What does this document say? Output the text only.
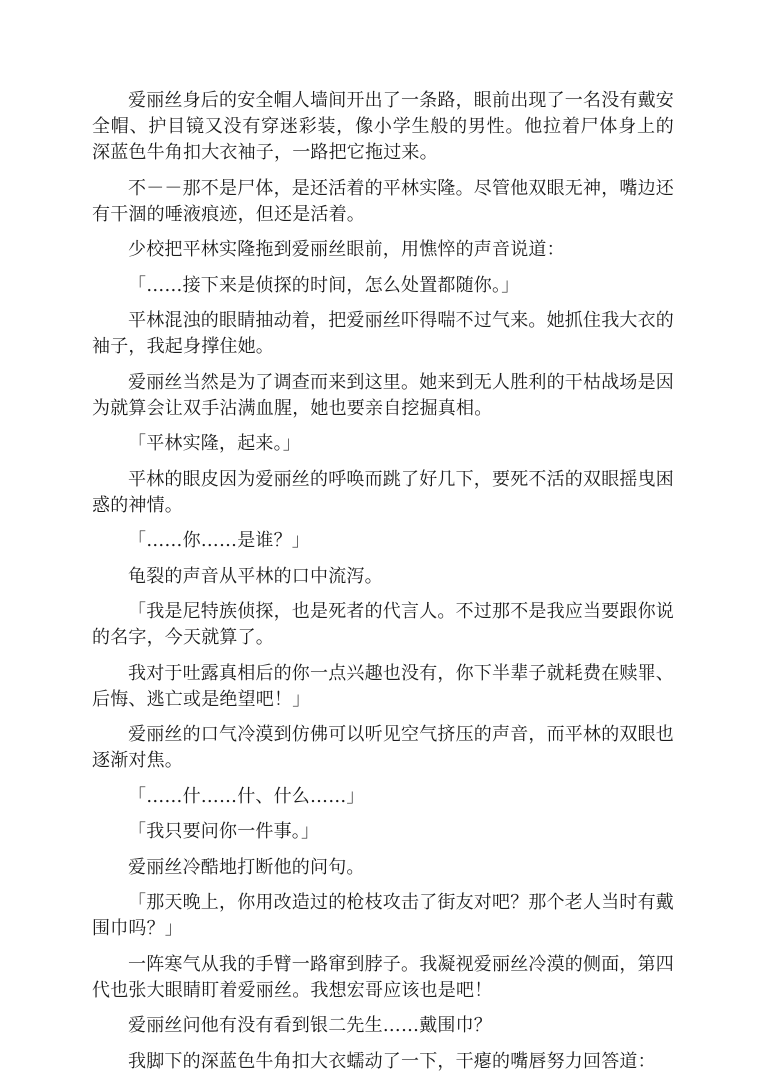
爱丽丝身后的安全帽人墙间开出了一条路，眼前出现了一名没有戴安全帽、护目镜又没有穿迷彩装，像小学生般的男性。他拉着尸体身上的深蓝色牛角扣大衣袖子，一路把它拖过来。

不－－那不是尸体，是还活着的平林实隆。尽管他双眼无神，嘴边还有干涸的唾液痕迹，但还是活着。

少校把平林实隆拖到爱丽丝眼前，用憔悴的声音说道：

「……接下来是侦探的时间，怎么处置都随你。」

平林混浊的眼睛抽动着，把爱丽丝吓得喘不过气来。她抓住我大衣的袖子，我起身撑住她。

爱丽丝当然是为了调查而来到这里。她来到无人胜利的干枯战场是因为就算会让双手沾满血腥，她也要亲自挖掘真相。

「平林实隆，起来。」

平林的眼皮因为爱丽丝的呼唤而跳了好几下，要死不活的双眼摇曳困惑的神情。

「……你……是谁？」

龟裂的声音从平林的口中流泻。

「我是尼特族侦探，也是死者的代言人。不过那不是我应当要跟你说的名字，今天就算了。

我对于吐露真相后的你一点兴趣也没有，你下半辈子就耗费在赎罪、后悔、逃亡或是绝望吧！」

爱丽丝的口气冷漠到仿佛可以听见空气挤压的声音，而平林的双眼也逐渐对焦。

「……什……什、什么……」

「我只要问你一件事。」

爱丽丝冷酷地打断他的问句。

「那天晚上，你用改造过的枪枝攻击了街友对吧？那个老人当时有戴围巾吗？」

一阵寒气从我的手臂一路窜到脖子。我凝视爱丽丝冷漠的侧面，第四代也张大眼睛盯着爱丽丝。我想宏哥应该也是吧！

爱丽丝问他有没有看到银二先生……戴围巾？

我脚下的深蓝色牛角扣大衣蠕动了一下，干瘪的嘴唇努力回答道：
